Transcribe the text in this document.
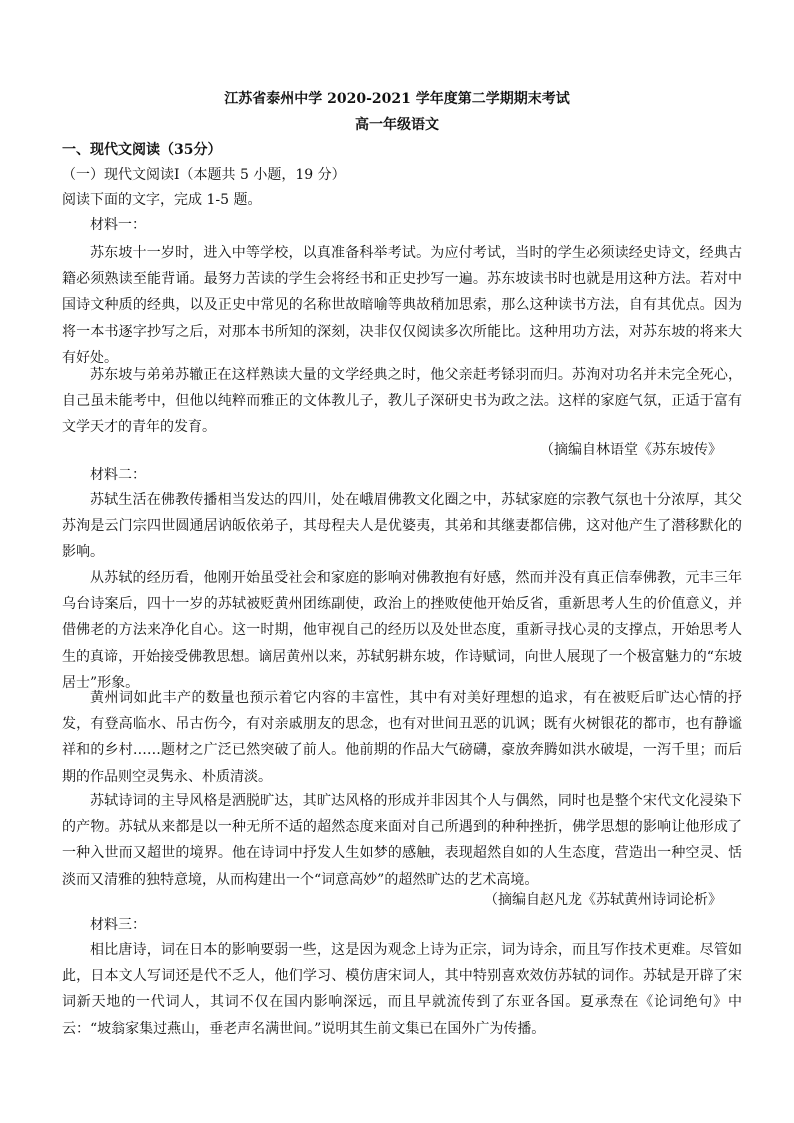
江苏省泰州中学 2020-2021 学年度第二学期期末考试
高一年级语文
一、现代文阅读（35分）
（一）现代文阅读Ⅰ（本题共 5 小题，19 分）
阅读下面的文字，完成 1-5 题。
材料一：
苏东坡十一岁时，进入中等学校，以真准备科举考试。为应付考试，当时的学生必须读经史诗文，经典古籍必须熟读至能背诵。最努力苦读的学生会将经书和正史抄写一遍。苏东坡读书时也就是用这种方法。若对中国诗文种质的经典，以及正史中常见的名称世故暗喻等典故稍加思索，那么这种读书方法，自有其优点。因为将一本书逐字抄写之后，对那本书所知的深刻，决非仅仅阅读多次所能比。这种用功方法，对苏东坡的将来大有好处。
苏东坡与弟弟苏辙正在这样熟读大量的文学经典之时，他父亲赶考铩羽而归。苏洵对功名并未完全死心，自己虽未能考中，但他以纯粹而雅正的文体教儿子，教儿子深研史书为政之法。这样的家庭气氛，正适于富有文学天才的青年的发育。
（摘编自林语堂《苏东坡传》
材料二：
苏轼生活在佛教传播相当发达的四川，处在峨眉佛教文化圈之中，苏轼家庭的宗教气氛也十分浓厚，其父苏洵是云门宗四世圆通居讷皈依弟子，其母程夫人是优婆夷，其弟和其继妻都信佛，这对他产生了潜移默化的影响。
从苏轼的经历看，他刚开始虽受社会和家庭的影响对佛教抱有好感，然而并没有真正信奉佛教，元丰三年乌台诗案后，四十一岁的苏轼被贬黄州团练副使，政治上的挫败使他开始反省，重新思考人生的价值意义，并借佛老的方法来净化自心。这一时期，他审视自己的经历以及处世态度，重新寻找心灵的支撑点，开始思考人生的真谛，开始接受佛教思想。谪居黄州以来，苏轼躬耕东坡，作诗赋词，向世人展现了一个极富魅力的“东坡居士”形象。
黄州词如此丰产的数量也预示着它内容的丰富性，其中有对美好理想的追求，有在被贬后旷达心情的抒发，有登高临水、吊古伤今，有对亲戚朋友的思念，也有对世间丑恶的讥讽；既有火树银花的都市，也有静谧祥和的乡村……题材之广泛已然突破了前人。他前期的作品大气磅礴，豪放奔腾如洪水破堤，一泻千里；而后期的作品则空灵隽永、朴质清淡。
苏轼诗词的主导风格是洒脱旷达，其旷达风格的形成并非因其个人与偶然，同时也是整个宋代文化浸染下的产物。苏轼从来都是以一种无所不适的超然态度来面对自己所遇到的种种挫折，佛学思想的影响让他形成了一种入世而又超世的境界。他在诗词中抒发人生如梦的感触，表现超然自如的人生态度，营造出一种空灵、恬淡而又清雅的独特意境，从而构建出一个“词意高妙”的超然旷达的艺术高境。
（摘编自赵凡龙《苏轼黄州诗词论析》
材料三：
相比唐诗，词在日本的影响要弱一些，这是因为观念上诗为正宗，词为诗余，而且写作技术更难。尽管如此，日本文人写词还是代不乏人，他们学习、模仿唐宋词人，其中特别喜欢效仿苏轼的词作。苏轼是开辟了宋词新天地的一代词人，其词不仅在国内影响深远，而且早就流传到了东亚各国。夏承焘在《论词绝句》中云：“坡翁家集过燕山，垂老声名满世间。”说明其生前文集已在国外广为传播。
